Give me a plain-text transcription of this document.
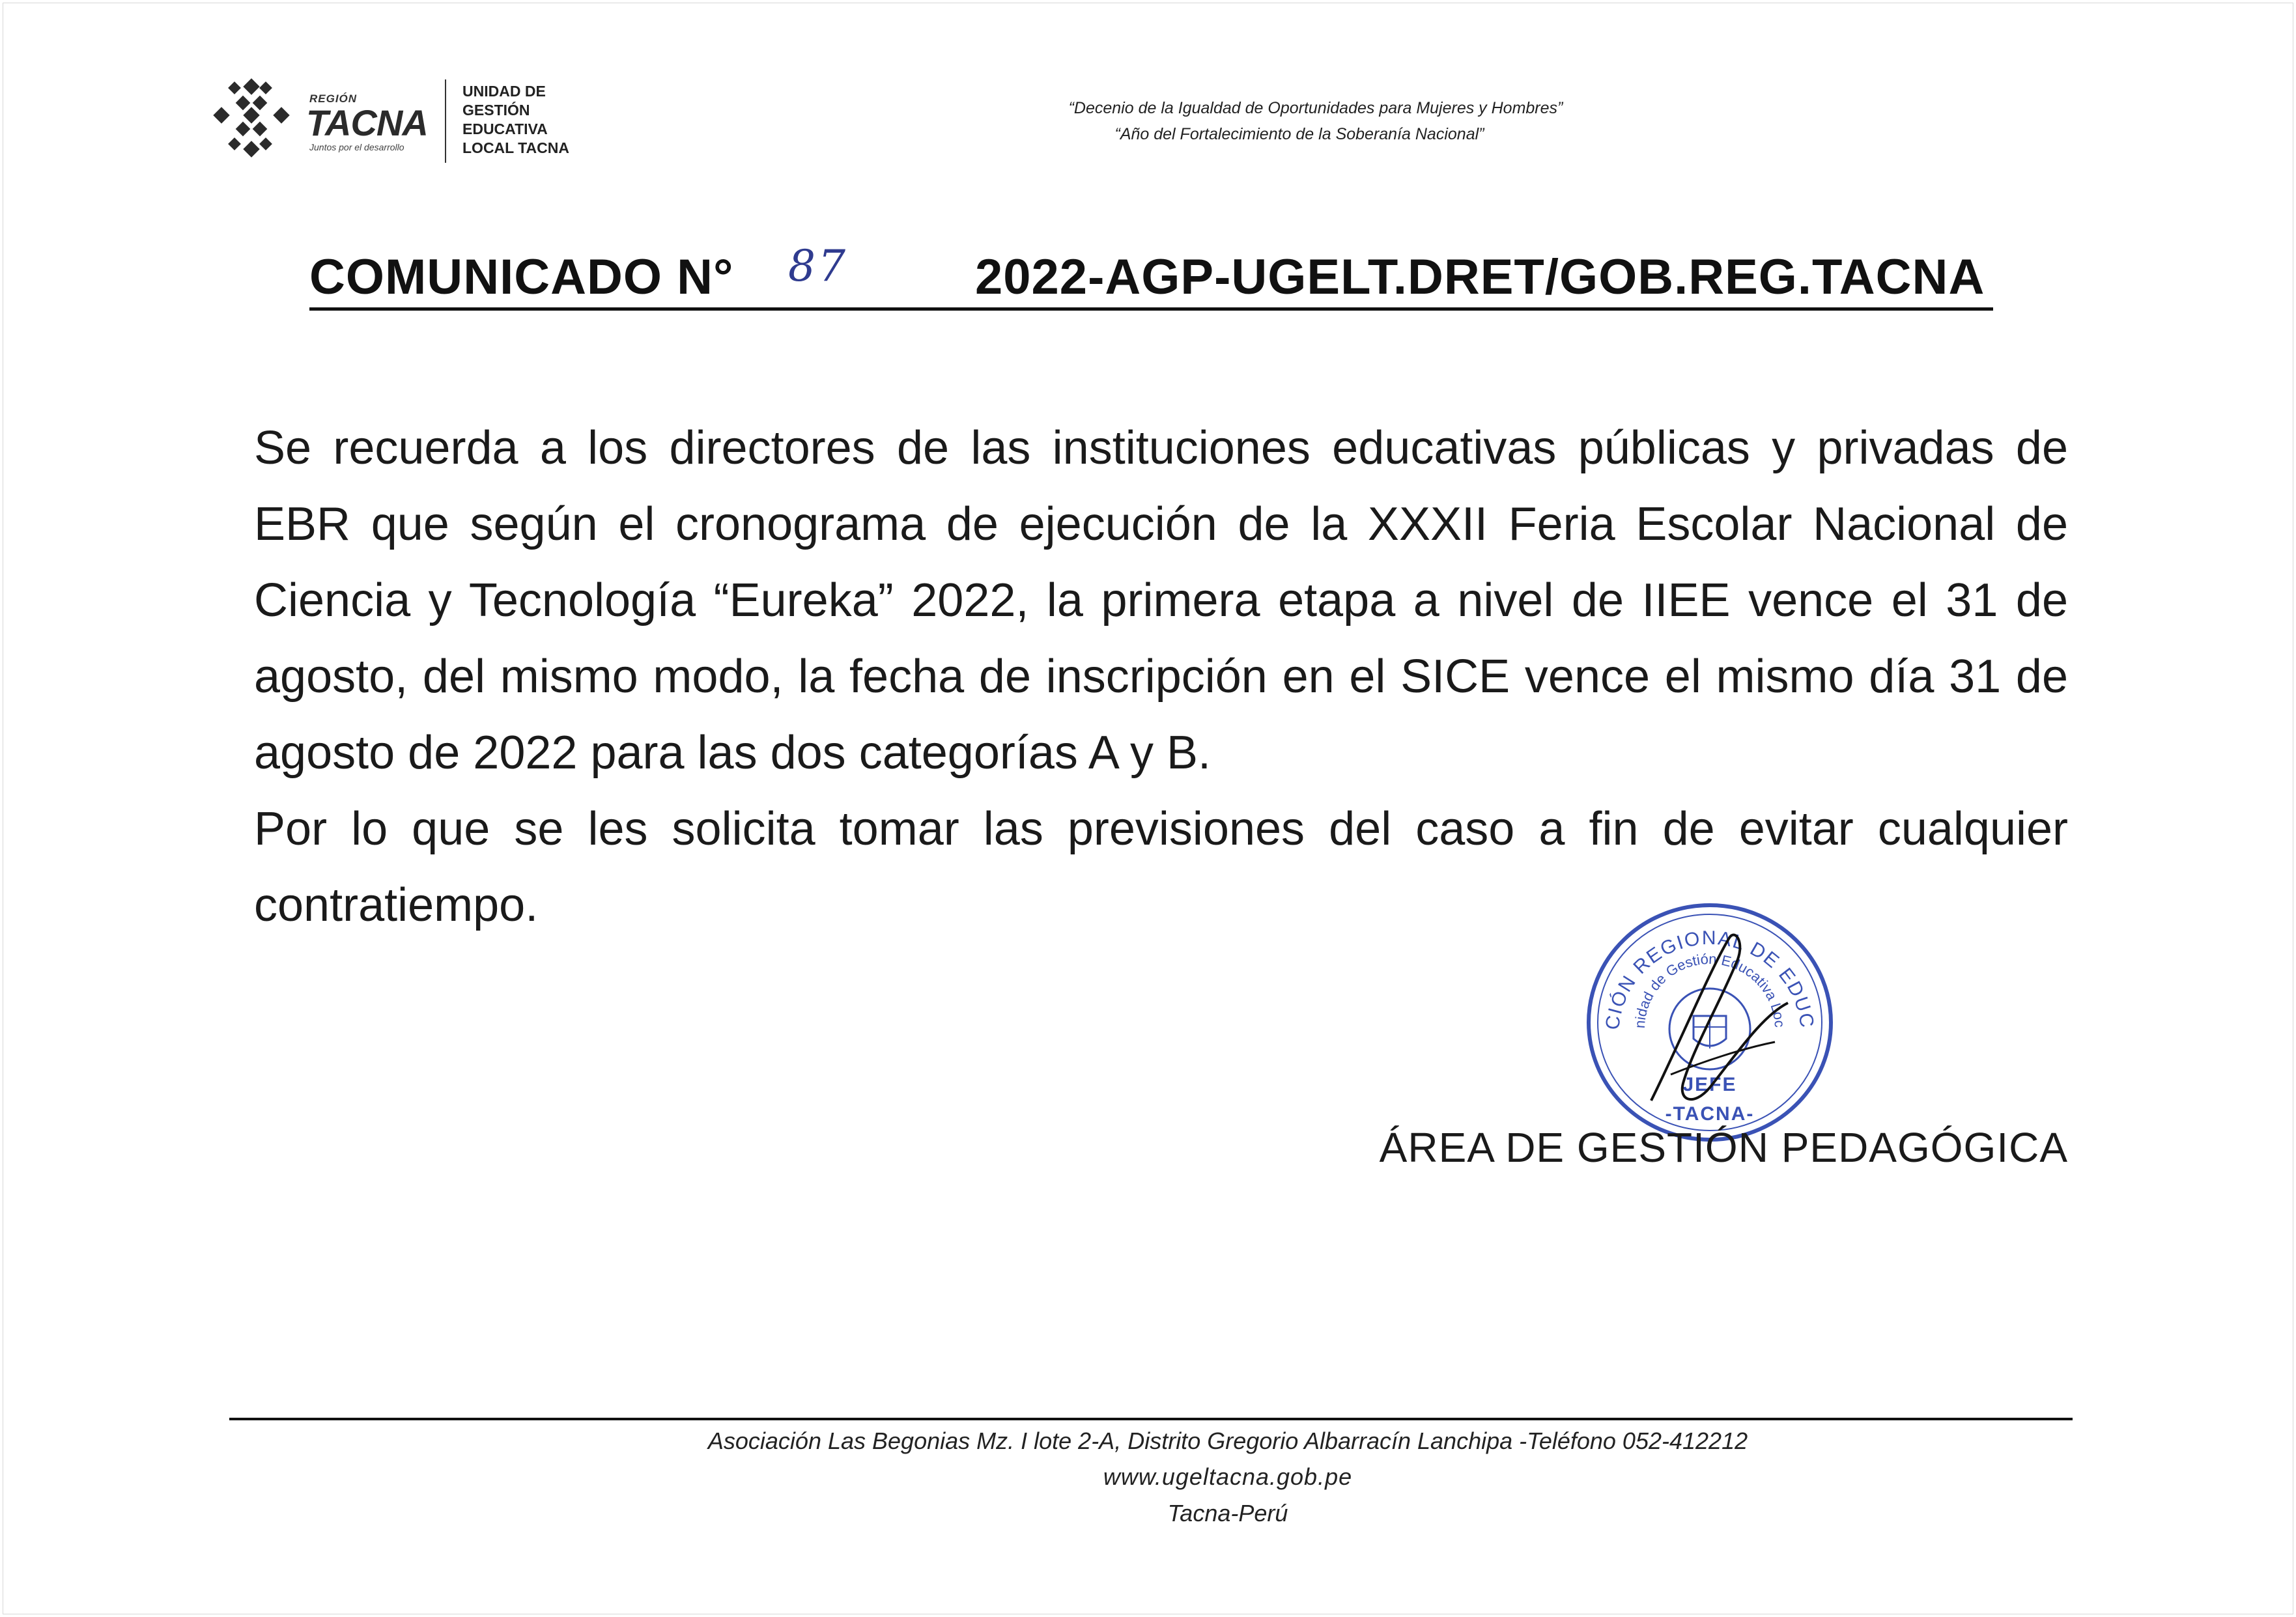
REGIÓN
TACNA
Juntos por el desarrollo
UNIDAD DE
GESTIÓN
EDUCATIVA
LOCAL TACNA
“Decenio de la Igualdad de Oportunidades para Mujeres y Hombres”
“Año del Fortalecimiento de la Soberanía Nacional”
COMUNICADO N° 87	2022-AGP-UGELT.DRET/GOB.REG.TACNA

Se recuerda a los directores de las instituciones educativas públicas y privadas de EBR que según el cronograma de ejecución de la XXXII Feria Escolar Nacional de Ciencia y Tecnología “Eureka” 2022, la primera etapa a nivel de IIEE vence el 31 de agosto, del mismo modo, la fecha de inscripción en el SICE vence el mismo día 31 de agosto de 2022 para las dos categorías A y B.

Por lo que se les solicita tomar las previsiones del caso a fin de evitar cualquier contratiempo.

CIÓN REGIONAL DE EDUC
nidad de Gestión Educativa Loc
JEFE
-TACNA-
ÁREA DE GESTIÓN PEDAGÓGICA
Asociación Las Begonias Mz. I lote 2-A, Distrito Gregorio Albarracín Lanchipa -Teléfono 052-412212
www.ugeltacna.gob.pe
Tacna-Perú
